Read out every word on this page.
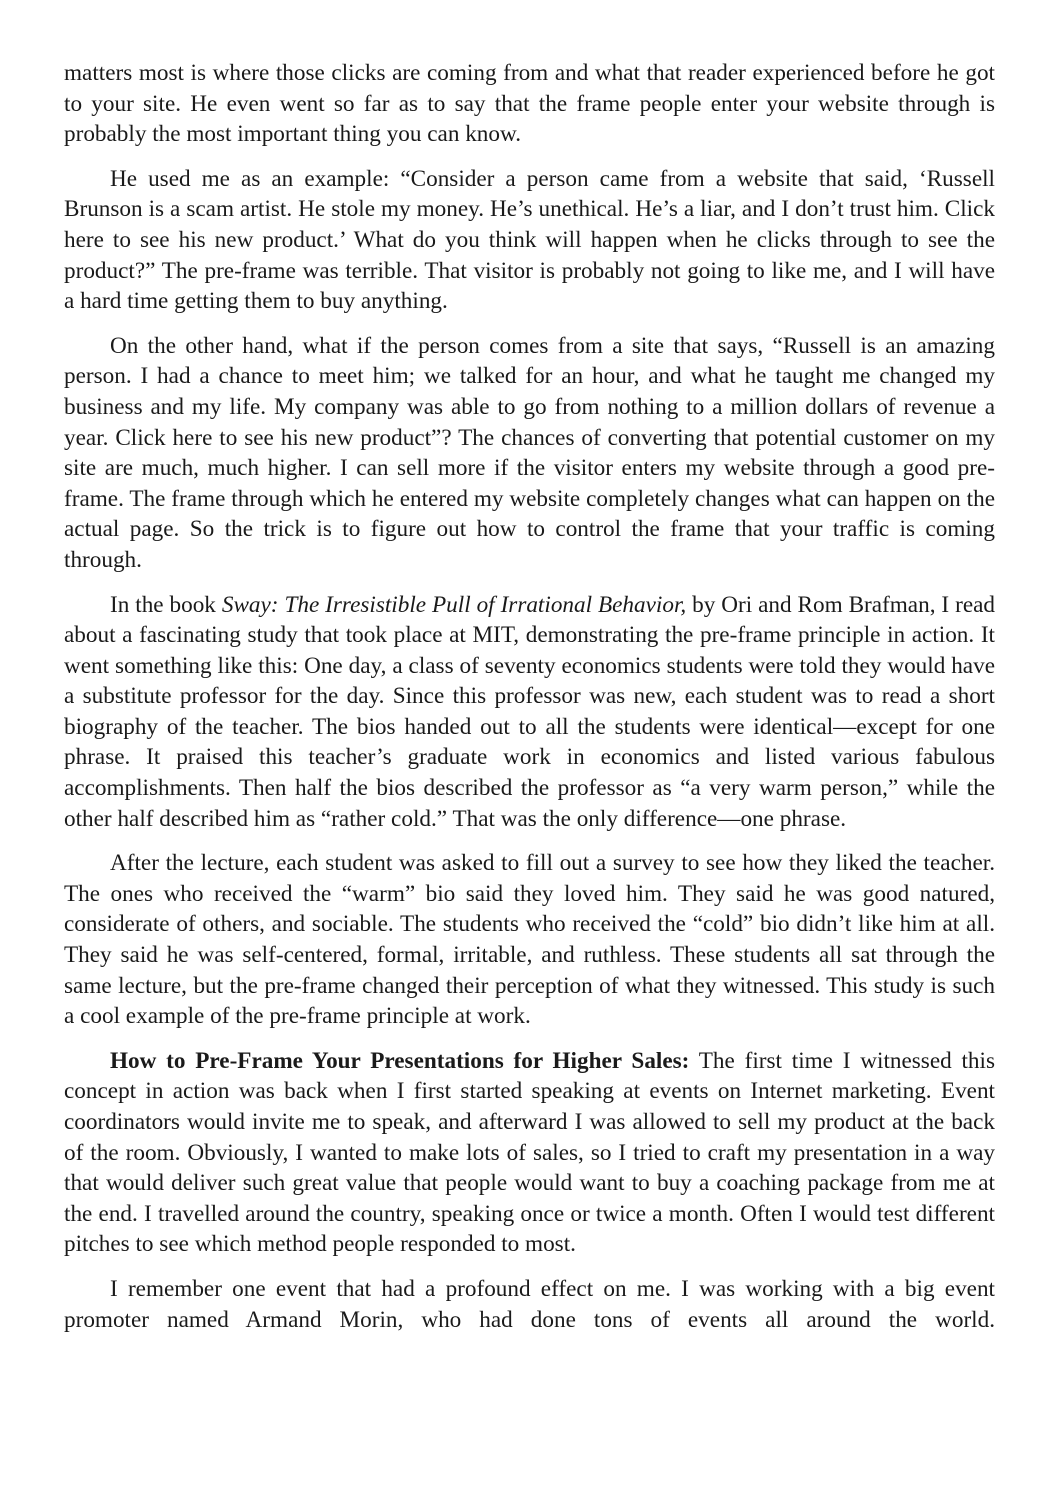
matters most is where those clicks are coming from and what that reader experienced before he got to your site. He even went so far as to say that the frame people enter your website through is probably the most important thing you can know.

He used me as an example: “Consider a person came from a website that said, ‘Russell Brunson is a scam artist. He stole my money. He’s unethical. He’s a liar, and I don’t trust him. Click here to see his new product.’ What do you think will happen when he clicks through to see the product?” The pre-frame was terrible. That visitor is probably not going to like me, and I will have a hard time getting them to buy anything.

On the other hand, what if the person comes from a site that says, “Russell is an amazing person. I had a chance to meet him; we talked for an hour, and what he taught me changed my business and my life. My company was able to go from nothing to a million dollars of revenue a year. Click here to see his new product”? The chances of converting that potential customer on my site are much, much higher. I can sell more if the visitor enters my website through a good pre-frame. The frame through which he entered my website completely changes what can happen on the actual page. So the trick is to figure out how to control the frame that your traffic is coming through.

In the book Sway: The Irresistible Pull of Irrational Behavior, by Ori and Rom Brafman, I read about a fascinating study that took place at MIT, demonstrating the pre-frame principle in action. It went something like this: One day, a class of seventy economics students were told they would have a substitute professor for the day. Since this professor was new, each student was to read a short biography of the teacher. The bios handed out to all the students were identical—except for one phrase. It praised this teacher’s graduate work in economics and listed various fabulous accomplishments. Then half the bios described the professor as “a very warm person,” while the other half described him as “rather cold.” That was the only difference—one phrase.

After the lecture, each student was asked to fill out a survey to see how they liked the teacher. The ones who received the “warm” bio said they loved him. They said he was good natured, considerate of others, and sociable. The students who received the “cold” bio didn’t like him at all. They said he was self-centered, formal, irritable, and ruthless. These students all sat through the same lecture, but the pre-frame changed their perception of what they witnessed. This study is such a cool example of the pre-frame principle at work.

How to Pre-Frame Your Presentations for Higher Sales: The first time I witnessed this concept in action was back when I first started speaking at events on Internet marketing. Event coordinators would invite me to speak, and afterward I was allowed to sell my product at the back of the room. Obviously, I wanted to make lots of sales, so I tried to craft my presentation in a way that would deliver such great value that people would want to buy a coaching package from me at the end. I travelled around the country, speaking once or twice a month. Often I would test different pitches to see which method people responded to most.

I remember one event that had a profound effect on me. I was working with a big event promoter named Armand Morin, who had done tons of events all around the world.
